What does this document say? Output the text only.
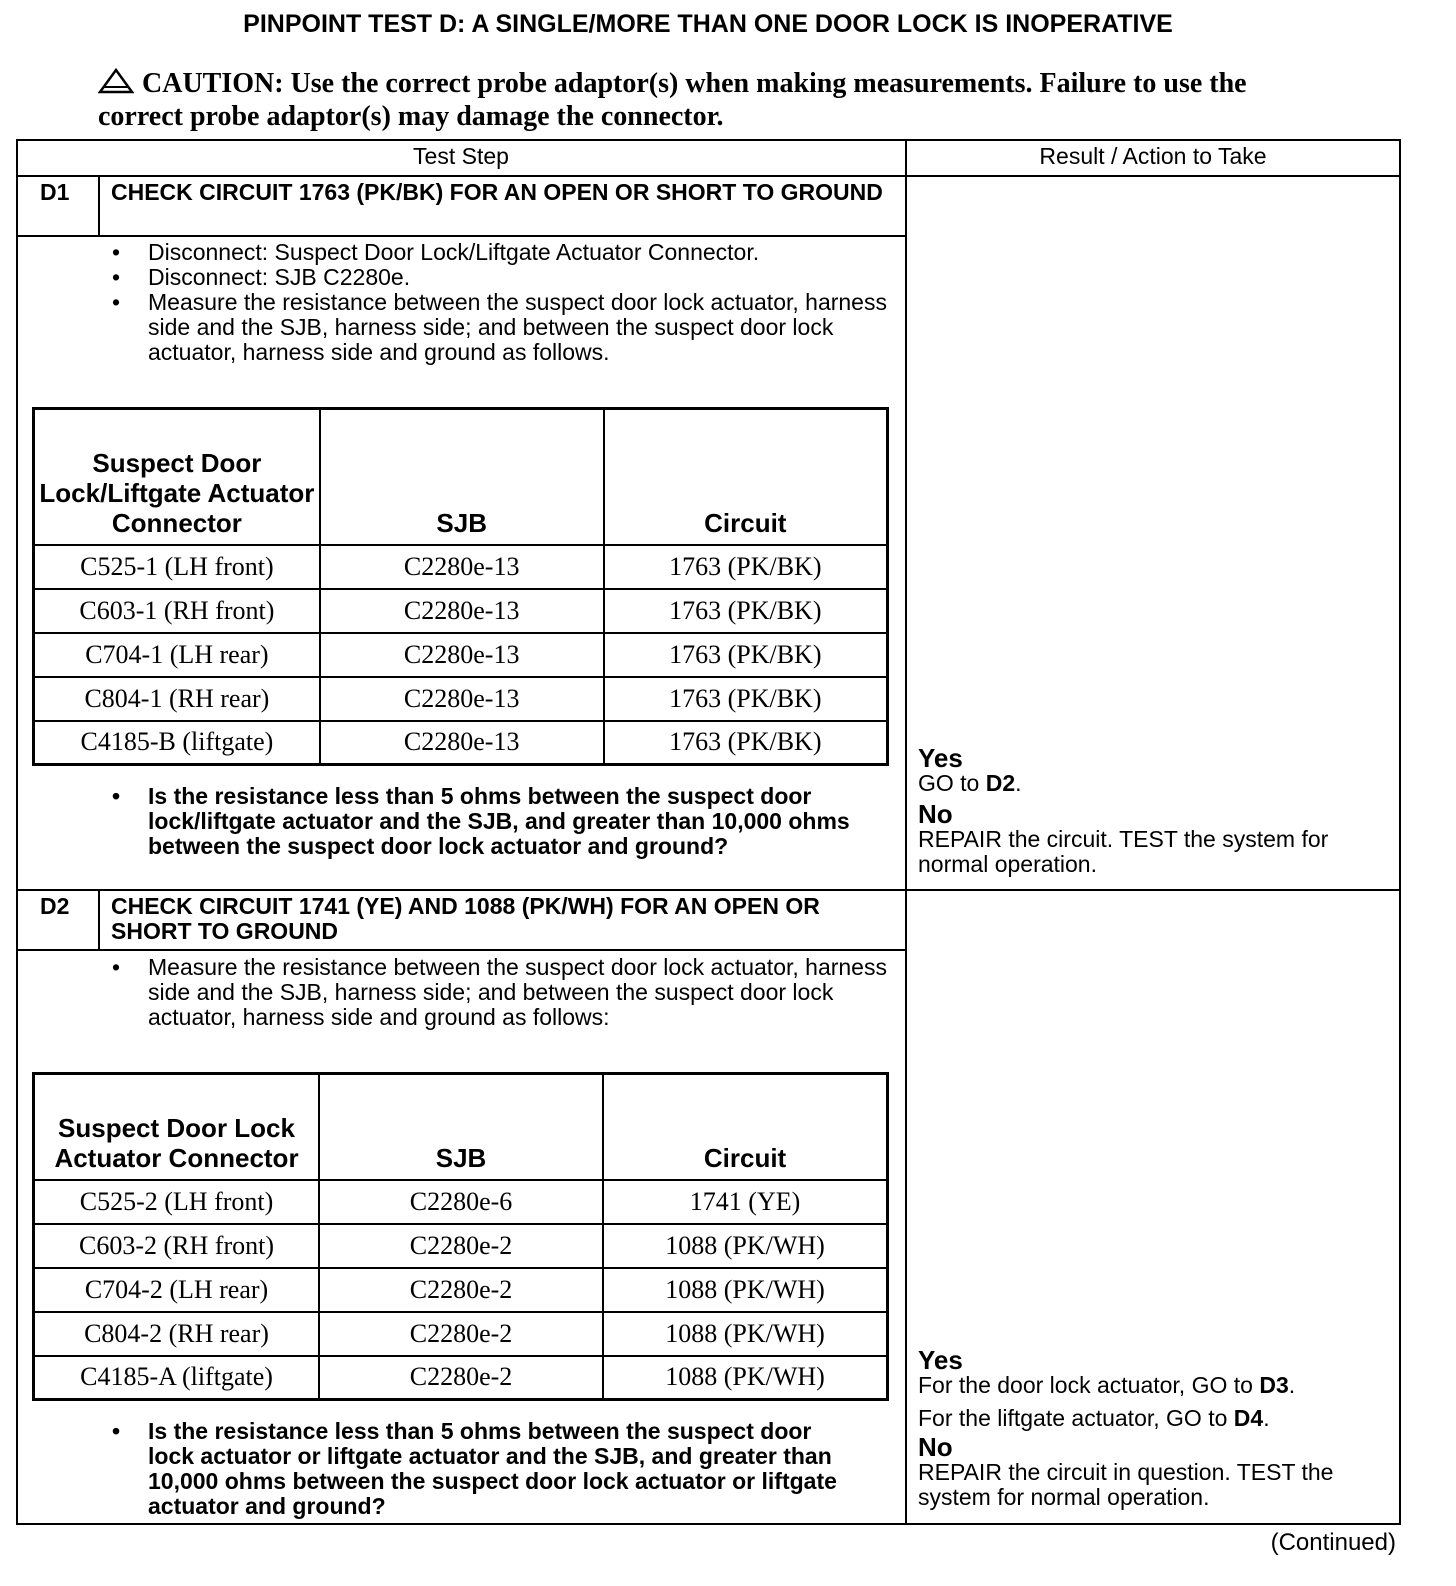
PINPOINT TEST D: A SINGLE/MORE THAN ONE DOOR LOCK IS INOPERATIVE
CAUTION: Use the correct probe adaptor(s) when making measurements. Failure to use the correct probe adaptor(s) may damage the connector.
Test Step	Result / Action to Take
D1 CHECK CIRCUIT 1763 (PK/BK) FOR AN OPEN OR SHORT TO GROUND
• Disconnect: Suspect Door Lock/Liftgate Actuator Connector.
• Disconnect: SJB C2280e.
• Measure the resistance between the suspect door lock actuator, harness side and the SJB, harness side; and between the suspect door lock actuator, harness side and ground as follows.
Suspect Door Lock/Liftgate Actuator Connector	SJB	Circuit
C525-1 (LH front)	C2280e-13	1763 (PK/BK)
C603-1 (RH front)	C2280e-13	1763 (PK/BK)
C704-1 (LH rear)	C2280e-13	1763 (PK/BK)
C804-1 (RH rear)	C2280e-13	1763 (PK/BK)
C4185-B (liftgate)	C2280e-13	1763 (PK/BK)
• Is the resistance less than 5 ohms between the suspect door lock/liftgate actuator and the SJB, and greater than 10,000 ohms between the suspect door lock actuator and ground?
Yes
GO to D2.
No
REPAIR the circuit. TEST the system for normal operation.
D2 CHECK CIRCUIT 1741 (YE) AND 1088 (PK/WH) FOR AN OPEN OR SHORT TO GROUND
• Measure the resistance between the suspect door lock actuator, harness side and the SJB, harness side; and between the suspect door lock actuator, harness side and ground as follows:
Suspect Door Lock Actuator Connector	SJB	Circuit
C525-2 (LH front)	C2280e-6	1741 (YE)
C603-2 (RH front)	C2280e-2	1088 (PK/WH)
C704-2 (LH rear)	C2280e-2	1088 (PK/WH)
C804-2 (RH rear)	C2280e-2	1088 (PK/WH)
C4185-A (liftgate)	C2280e-2	1088 (PK/WH)
• Is the resistance less than 5 ohms between the suspect door lock actuator or liftgate actuator and the SJB, and greater than 10,000 ohms between the suspect door lock actuator or liftgate actuator and ground?
Yes
For the door lock actuator, GO to D3.
For the liftgate actuator, GO to D4.
No
REPAIR the circuit in question. TEST the system for normal operation.
(Continued)
